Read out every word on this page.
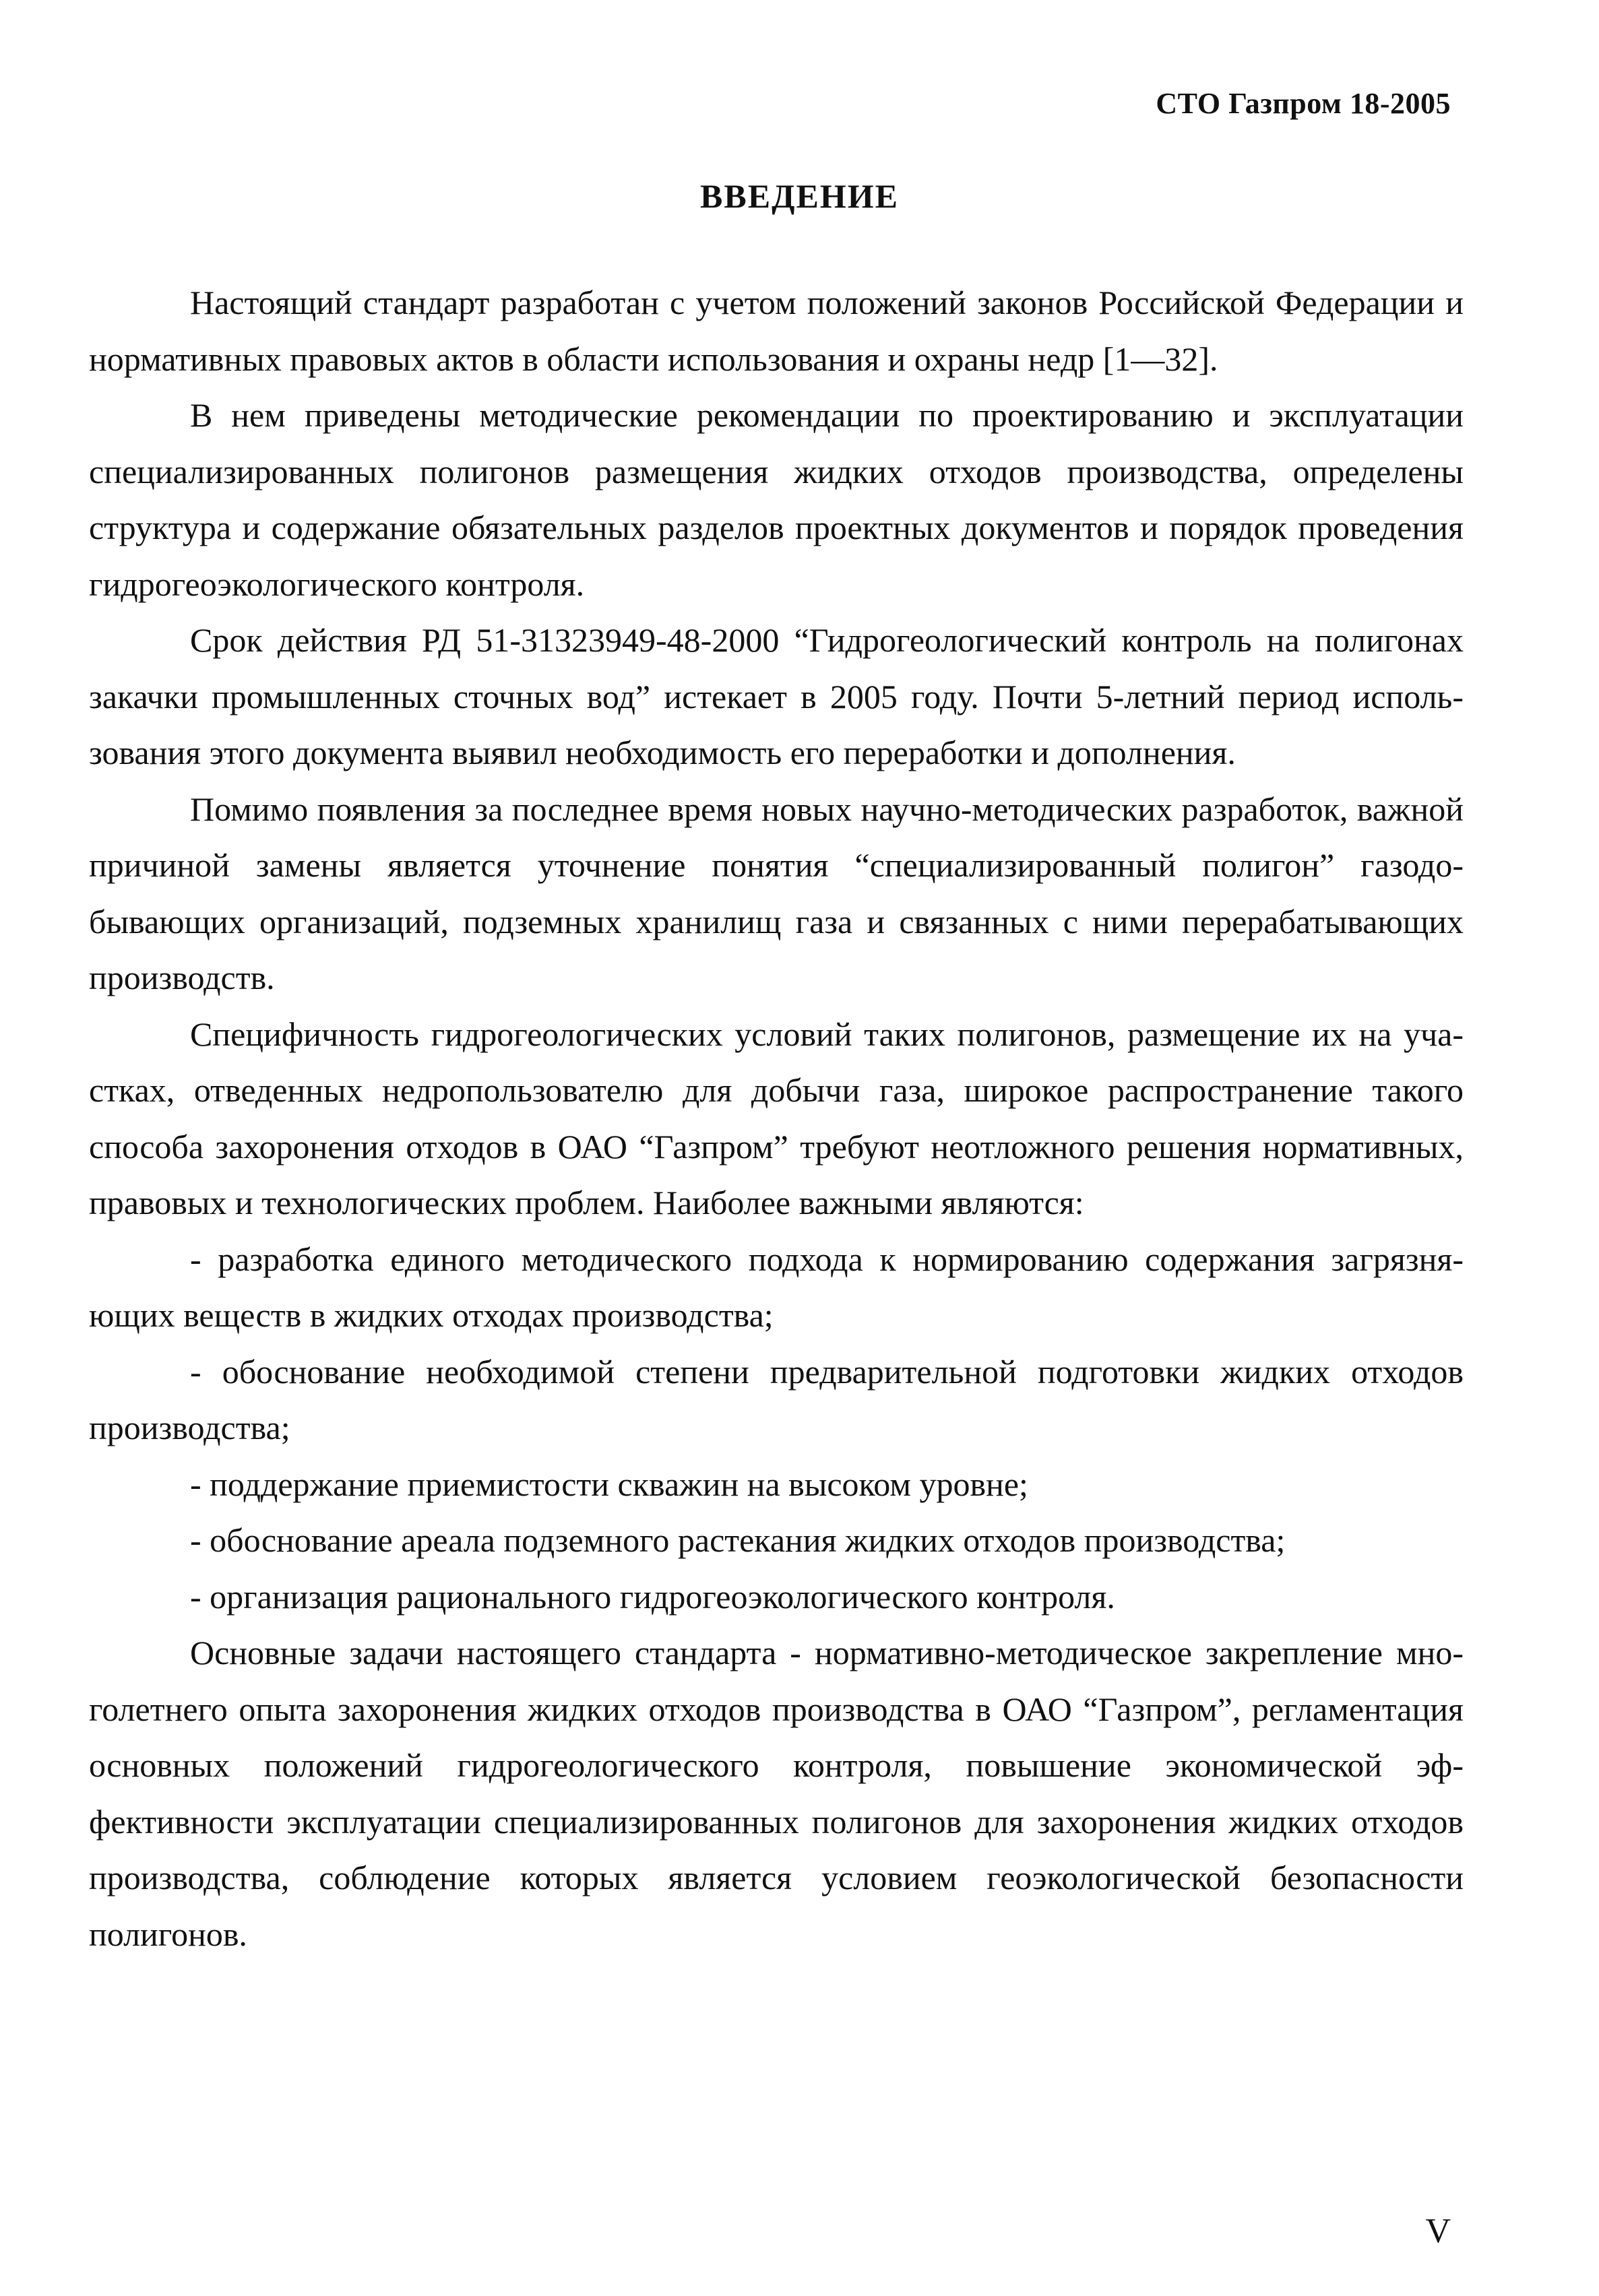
СТО Газпром 18-2005
ВВЕДЕНИЕ

Настоящий стандарт разработан с учетом положений законов Российской Федерации и нормативных правовых актов в области использования и охраны недр [1—32].

В нем приведены методические рекомендации по проектированию и эксплуатации специализированных полигонов размещения жидких отходов производства, определены структура и содержание обязательных разделов проектных документов и порядок проведения гидрогеоэкологического контроля.

Срок действия РД 51-31323949-48-2000 “Гидрогеологический контроль на полигонах закачки промышленных сточных вод” истекает в 2005 году. Почти 5-летний период использования этого документа выявил необходимость его переработки и дополнения.

Помимо появления за последнее время новых научно-методических разработок, важной причиной замены является уточнение понятия “специализированный полигон” газодобывающих организаций, подземных хранилищ газа и связанных с ними перерабатывающих производств.

Специфичность гидрогеологических условий таких полигонов, размещение их на участках, отведенных недропользователю для добычи газа, широкое распространение такого способа захоронения отходов в ОАО “Газпром” требуют неотложного решения нормативных, правовых и технологических проблем. Наиболее важными являются:

- разработка единого методического подхода к нормированию содержания загрязняющих веществ в жидких отходах производства;

- обоснование необходимой степени предварительной подготовки жидких отходов производства;

- поддержание приемистости скважин на высоком уровне;

- обоснование ареала подземного растекания жидких отходов производства;

- организация рационального гидрогеоэкологического контроля.

Основные задачи настоящего стандарта - нормативно-методическое закрепление многолетнего опыта захоронения жидких отходов производства в ОАО “Газпром”, регламентация основных положений гидрогеологического контроля, повышение экономической эффективности эксплуатации специализированных полигонов для захоронения жидких отходов производства, соблюдение которых является условием геоэкологической безопасности полигонов.

V
